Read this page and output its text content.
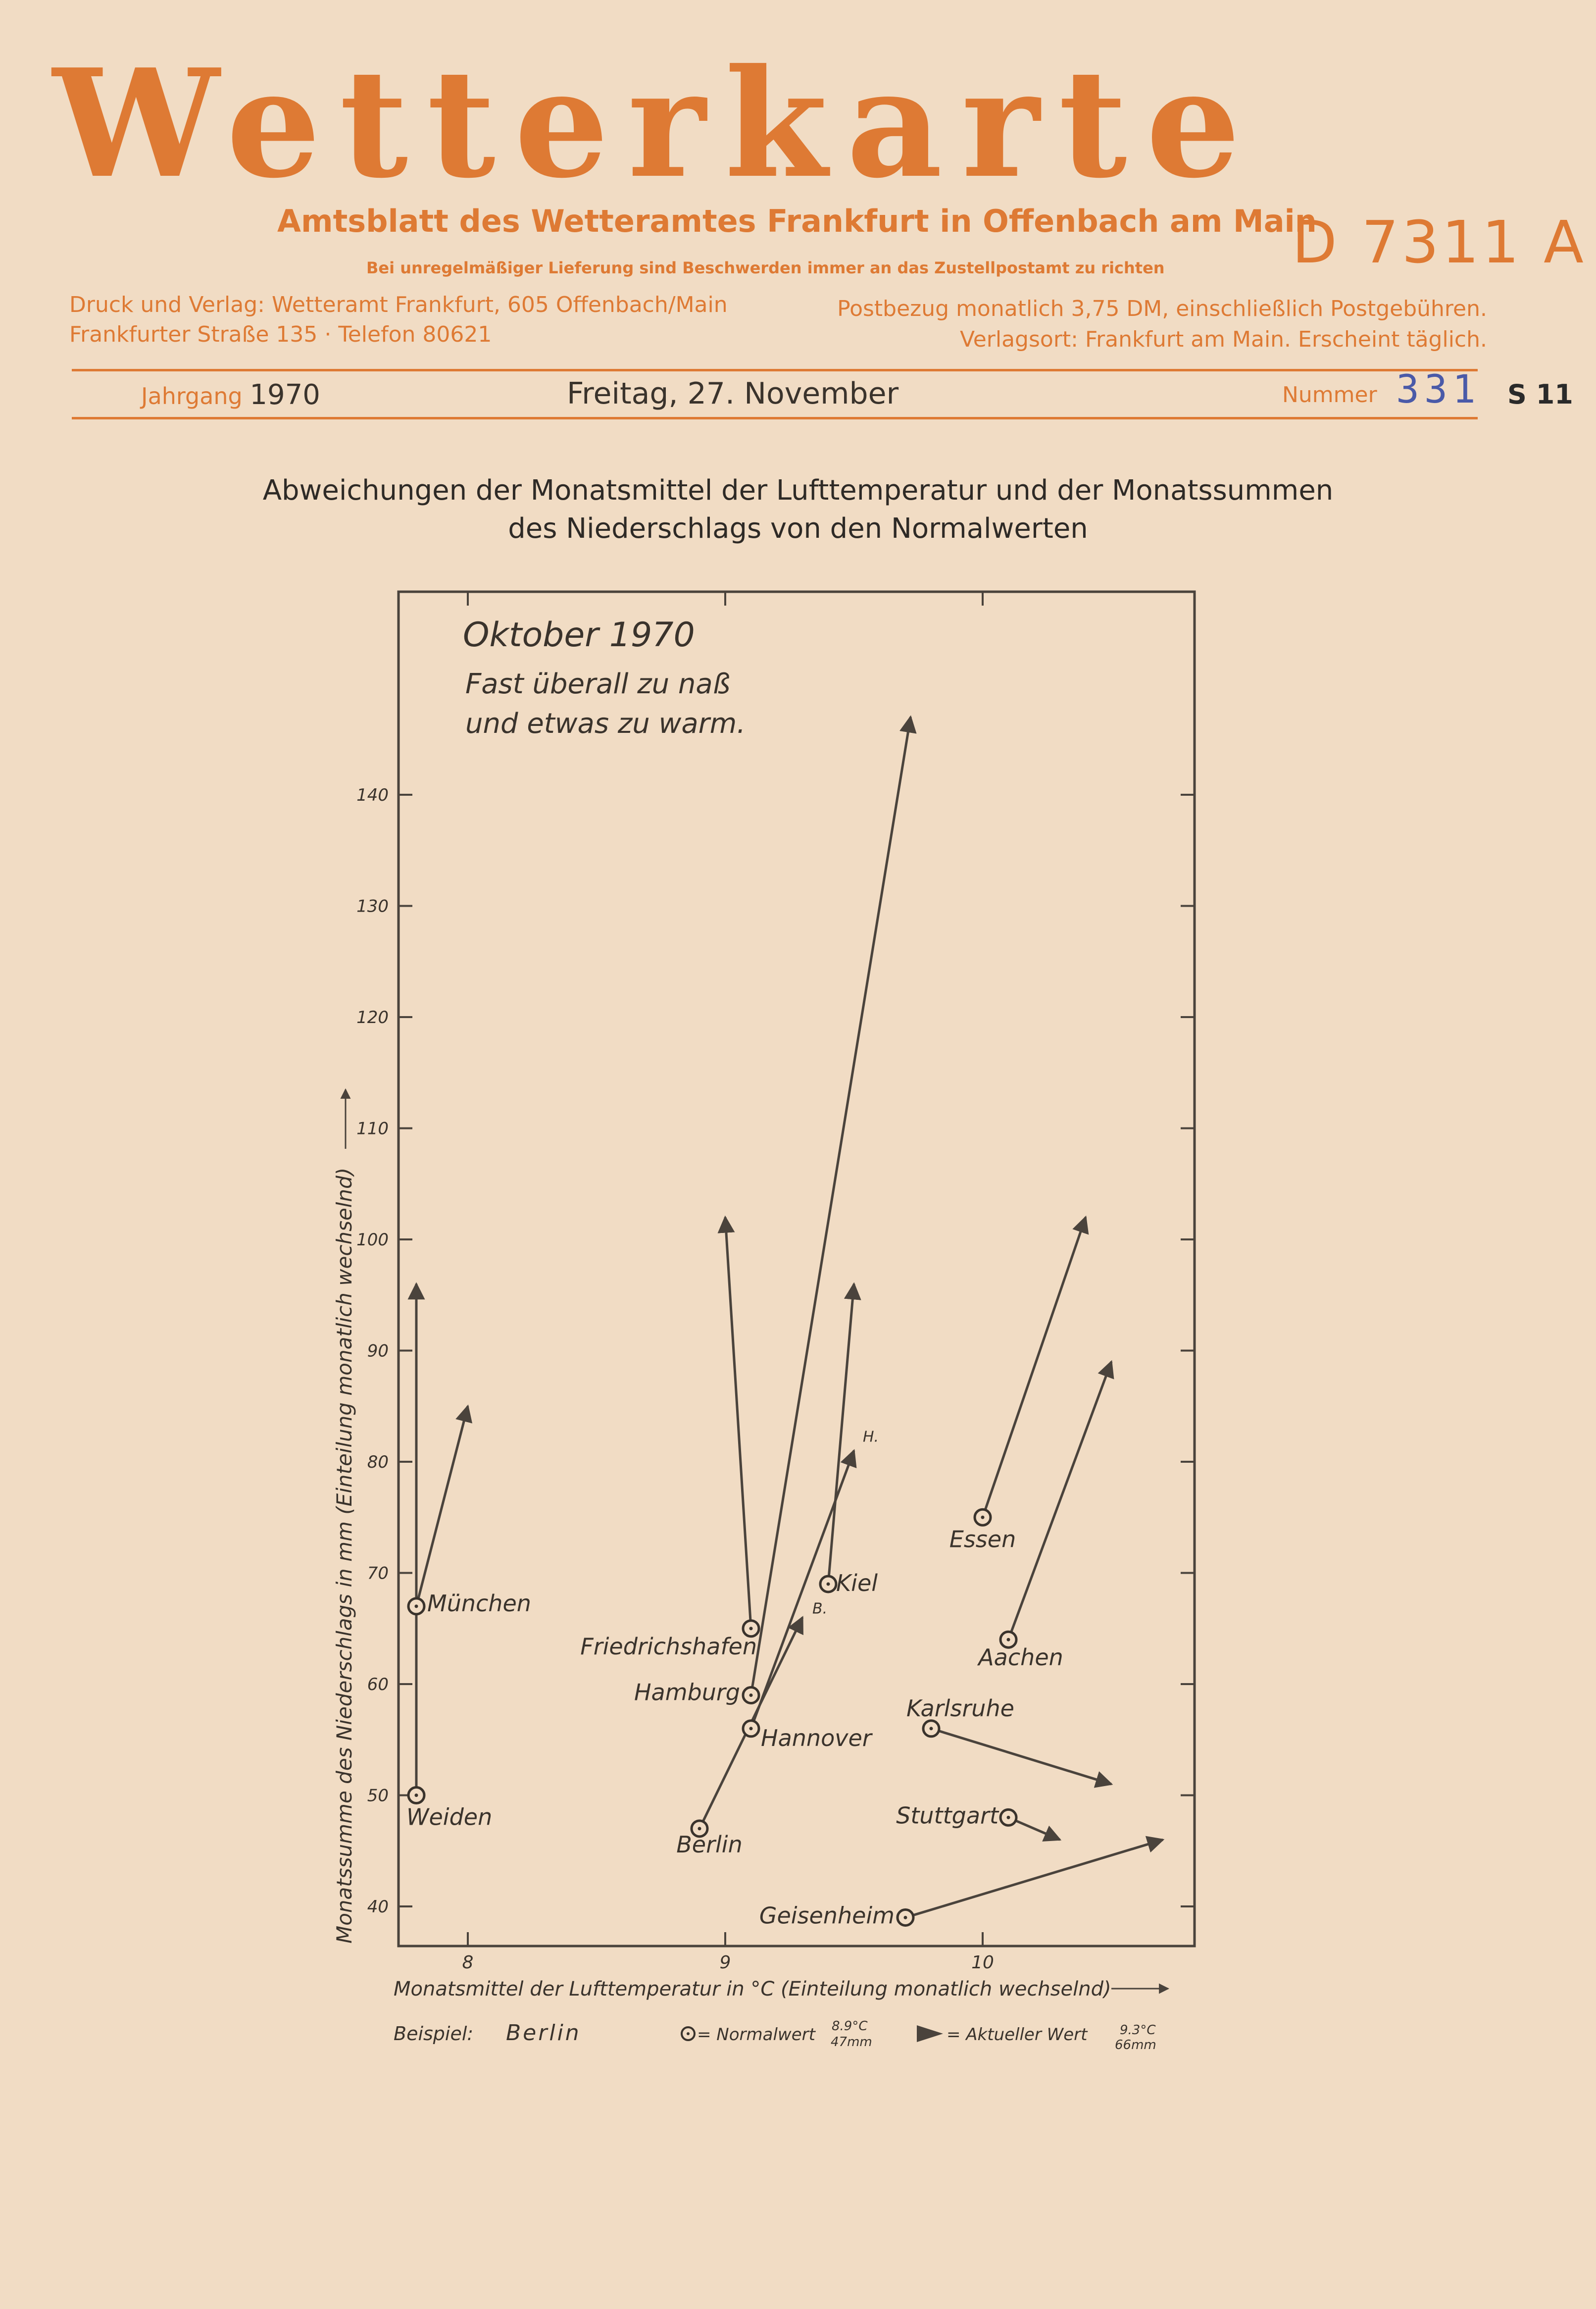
Wetterkarte
Amtsblatt des Wetteramtes Frankfurt in Offenbach am Main
D 7311 A
Bei unregelmäßiger Lieferung sind Beschwerden immer an das Zustellpostamt zu richten
Druck und Verlag: Wetteramt Frankfurt, 605 Offenbach/Main
Frankfurter Straße 135 · Telefon 80621
Postbezug monatlich 3,75 DM, einschließlich Postgebühren.
Verlagsort: Frankfurt am Main. Erscheint täglich.
Jahrgang 1970	Freitag, 27. November	Nummer 331 S 11
Abweichungen der Monatsmittel der Lufttemperatur und der Monatssummen
des Niederschlags von den Normalwerten
40
50
60
70
80
90
100
110
120
130
140
8	9	10
München
Weiden
Friedrichshafen
Hamburg
Hannover
Berlin
Kiel
Essen
Aachen
Karlsruhe
Stuttgart
Geisenheim
H.
B.
Oktober 1970
Fast überall zu naß
und etwas zu warm.
Monatsmittel der Lufttemperatur in °C (Einteilung monatlich wechselnd)
Monatssumme des Niederschlags in mm (Einteilung monatlich wechselnd)
Beispiel: Berlin	= Normalwert 8.9°C
47mm	= Aktueller Wert	9.3°C
66mm
